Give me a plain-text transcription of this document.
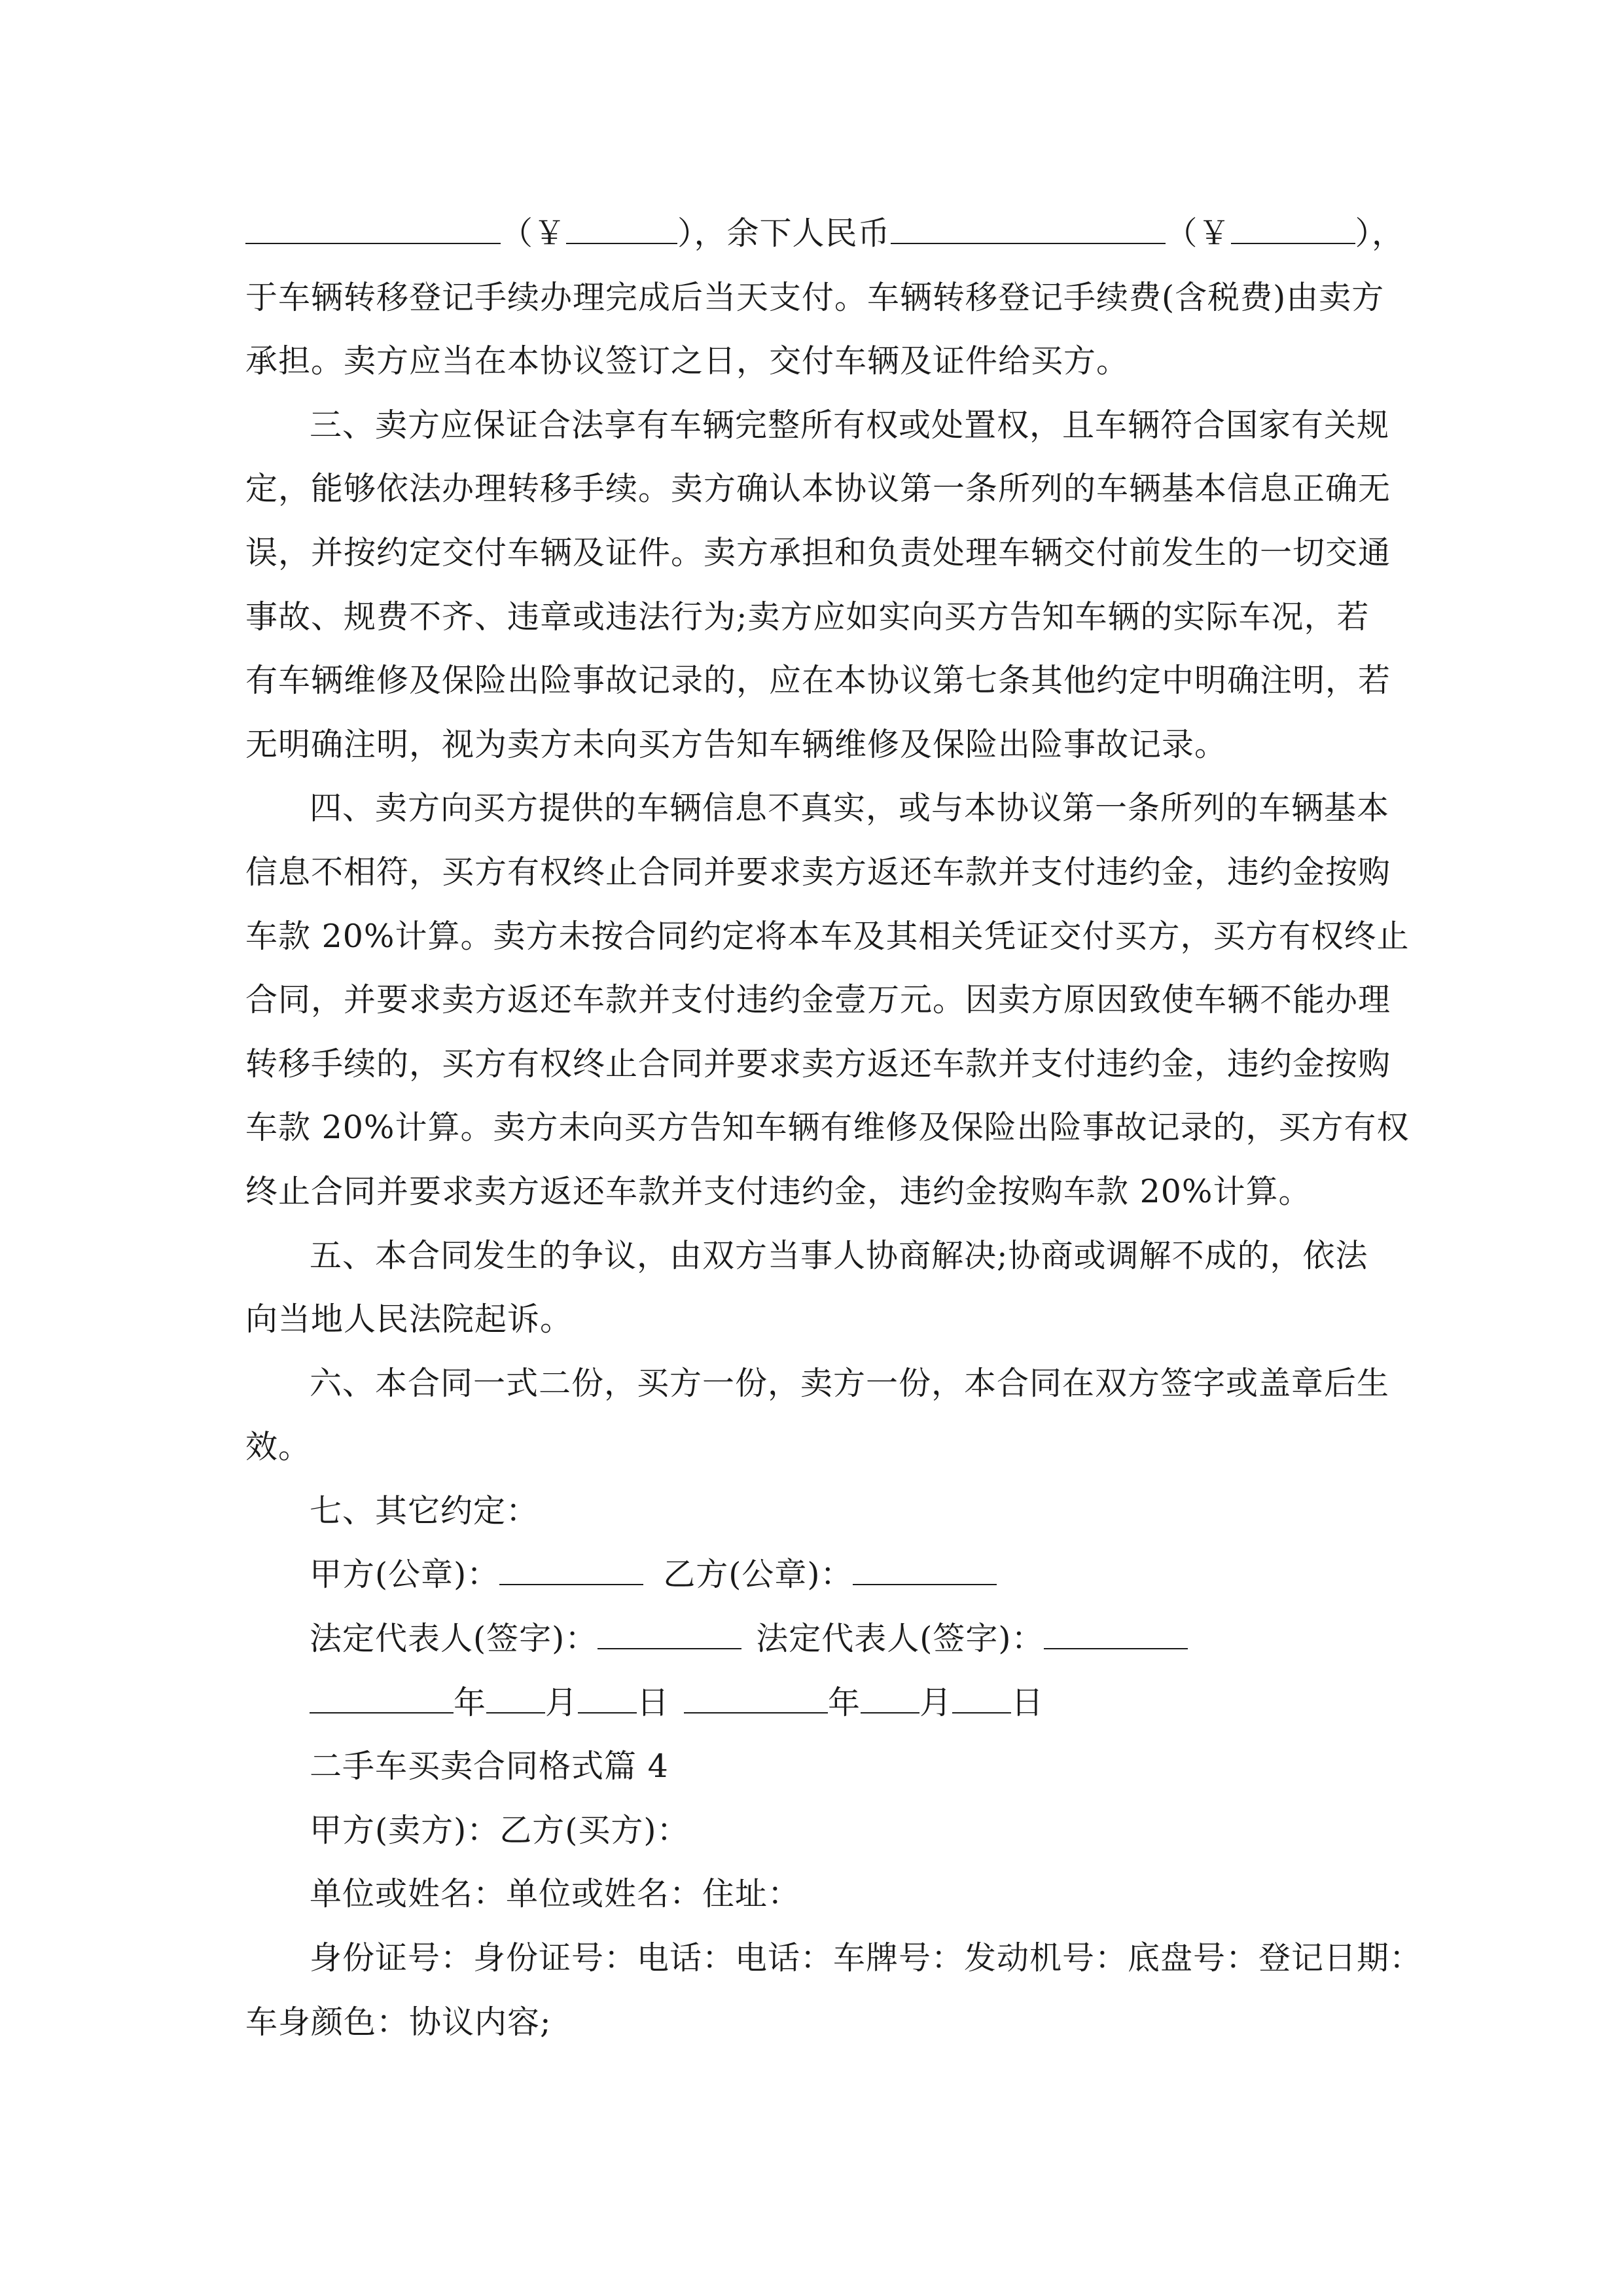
（￥	），余下人民币	（￥	），
于车辆转移登记手续办理完成后当天支付。车辆转移登记手续费(含税费)由卖方
承担。卖方应当在本协议签订之日，交付车辆及证件给买方。
三、卖方应保证合法享有车辆完整所有权或处置权，且车辆符合国家有关规
定，能够依法办理转移手续。卖方确认本协议第一条所列的车辆基本信息正确无
误，并按约定交付车辆及证件。卖方承担和负责处理车辆交付前发生的一切交通
事故、规费不齐、违章或违法行为;卖方应如实向买方告知车辆的实际车况，若
有车辆维修及保险出险事故记录的，应在本协议第七条其他约定中明确注明，若
无明确注明，视为卖方未向买方告知车辆维修及保险出险事故记录。
四、卖方向买方提供的车辆信息不真实，或与本协议第一条所列的车辆基本
信息不相符，买方有权终止合同并要求卖方返还车款并支付违约金，违约金按购
车款 20%计算。卖方未按合同约定将本车及其相关凭证交付买方，买方有权终止
合同，并要求卖方返还车款并支付违约金壹万元。因卖方原因致使车辆不能办理
转移手续的，买方有权终止合同并要求卖方返还车款并支付违约金，违约金按购
车款 20%计算。卖方未向买方告知车辆有维修及保险出险事故记录的，买方有权
终止合同并要求卖方返还车款并支付违约金，违约金按购车款 20%计算。
五、本合同发生的争议，由双方当事人协商解决;协商或调解不成的，依法
向当地人民法院起诉。
六、本合同一式二份，买方一份，卖方一份，本合同在双方签字或盖章后生
效。
七、其它约定：
甲方(公章)：	乙方(公章)：
法定代表人(签字)：	法定代表人(签字)：
年 月 日	年 月 日
二手车买卖合同格式篇 4
甲方(卖方)：乙方(买方)：
单位或姓名：单位或姓名：住址：
身份证号：身份证号：电话：电话：车牌号：发动机号：底盘号：登记日期：
车身颜色：协议内容;
